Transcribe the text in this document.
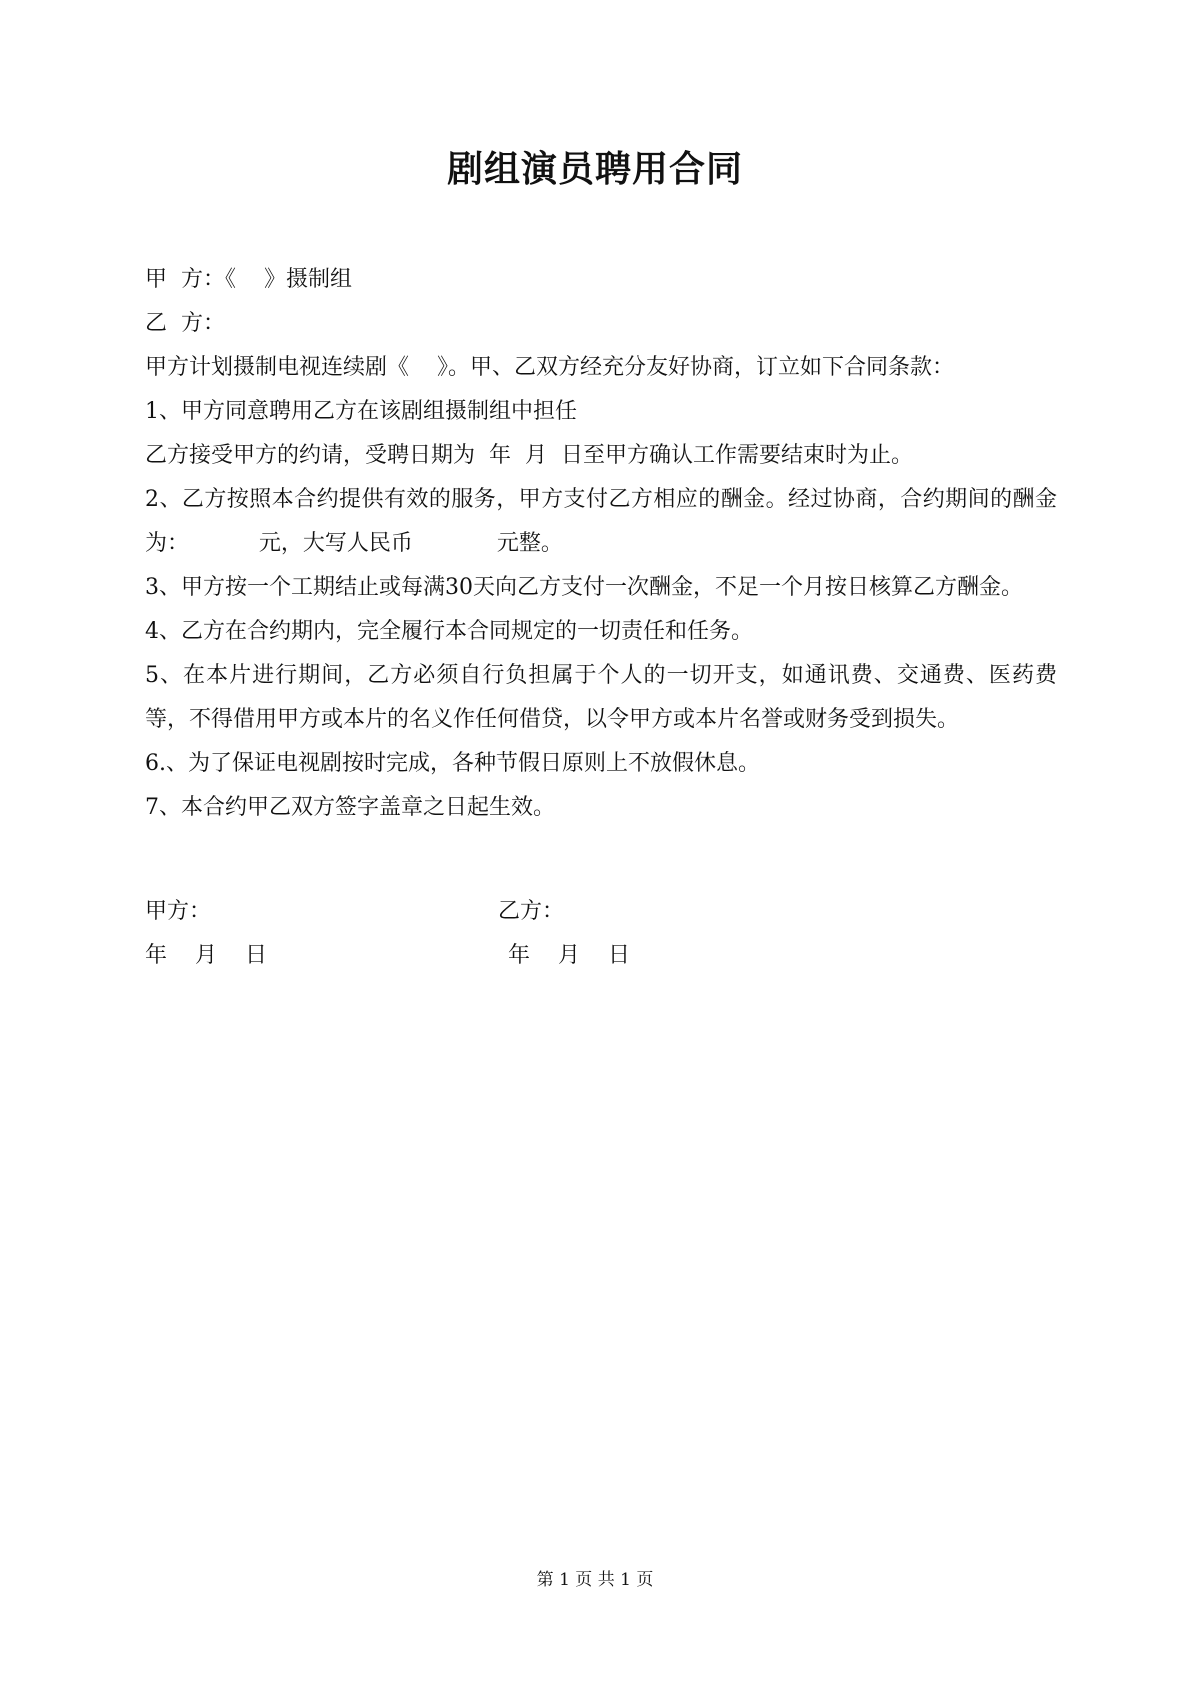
剧组演员聘用合同

甲  方：《    》摄制组

乙  方：

甲方计划摄制电视连续剧《    》。甲、乙双方经充分友好协商，订立如下合同条款：

1、甲方同意聘用乙方在该剧组摄制组中担任

乙方接受甲方的约请，受聘日期为  年  月  日至甲方确认工作需要结束时为止。

2、乙方按照本合约提供有效的服务，甲方支付乙方相应的酬金。经过协商，合约期间的酬金为：          元，大写人民币            元整。

3、甲方按一个工期结止或每满30天向乙方支付一次酬金，不足一个月按日核算乙方酬金。

4、乙方在合约期内，完全履行本合同规定的一切责任和任务。

5、在本片进行期间，乙方必须自行负担属于个人的一切开支，如通讯费、交通费、医药费等，不得借用甲方或本片的名义作任何借贷，以令甲方或本片名誉或财务受到损失。

6.、为了保证电视剧按时完成，各种节假日原则上不放假休息。

7、本合约甲乙双方签字盖章之日起生效。

甲方：	乙方：
年    月    日	年    月    日
第 1 页 共 1 页
